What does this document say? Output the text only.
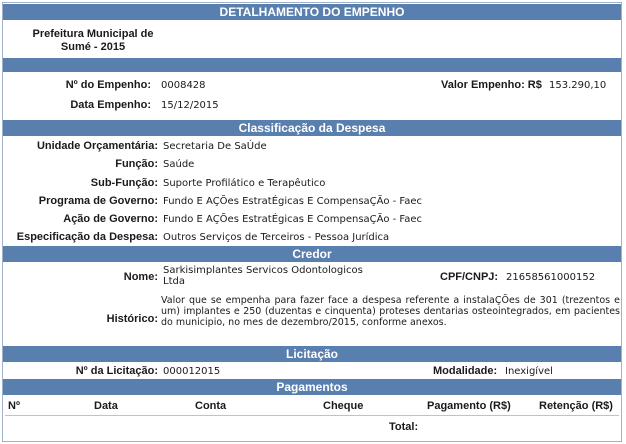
DETALHAMENTO DO EMPENHO
Prefeitura Municipal de
Sumé - 2015
Nº do Empenho: 0008428	Valor Empenho: R$ 153.290,10
Data Empenho: 15/12/2015
Classificação da Despesa
Unidade Orçamentária: Secretaria De SaÚde
Função: Saúde
Sub-Função: Suporte Profilático e Terapêutico
Programa de Governo: Fundo E AÇÕes EstratÉgicas E CompensaÇÃo - Faec
Ação de Governo: Fundo E AÇÕes EstratÉgicas E CompensaÇÃo - Faec
Especificação da Despesa: Outros Serviços de Terceiros - Pessoa Jurídica
Credor
Nome:
Sarkisimplantes Servicos Odontologicos
Ltda	CPF/CNPJ: 21658561000152
Histórico:
Valor que se empenha para fazer face a despesa referente a instalaÇÕes de 301 (trezentos e um) implantes e 250 (duzentas e cinquenta) proteses dentarias osteointegrados, em pacientes do municipio, no mes de dezembro/2015, conforme anexos.
Licitação
Nº da Licitação: 000012015	Modalidade: Inexigível
Pagamentos
Nº	Data	Conta	Cheque	Pagamento (R$)	Retenção (R$)
Total:
